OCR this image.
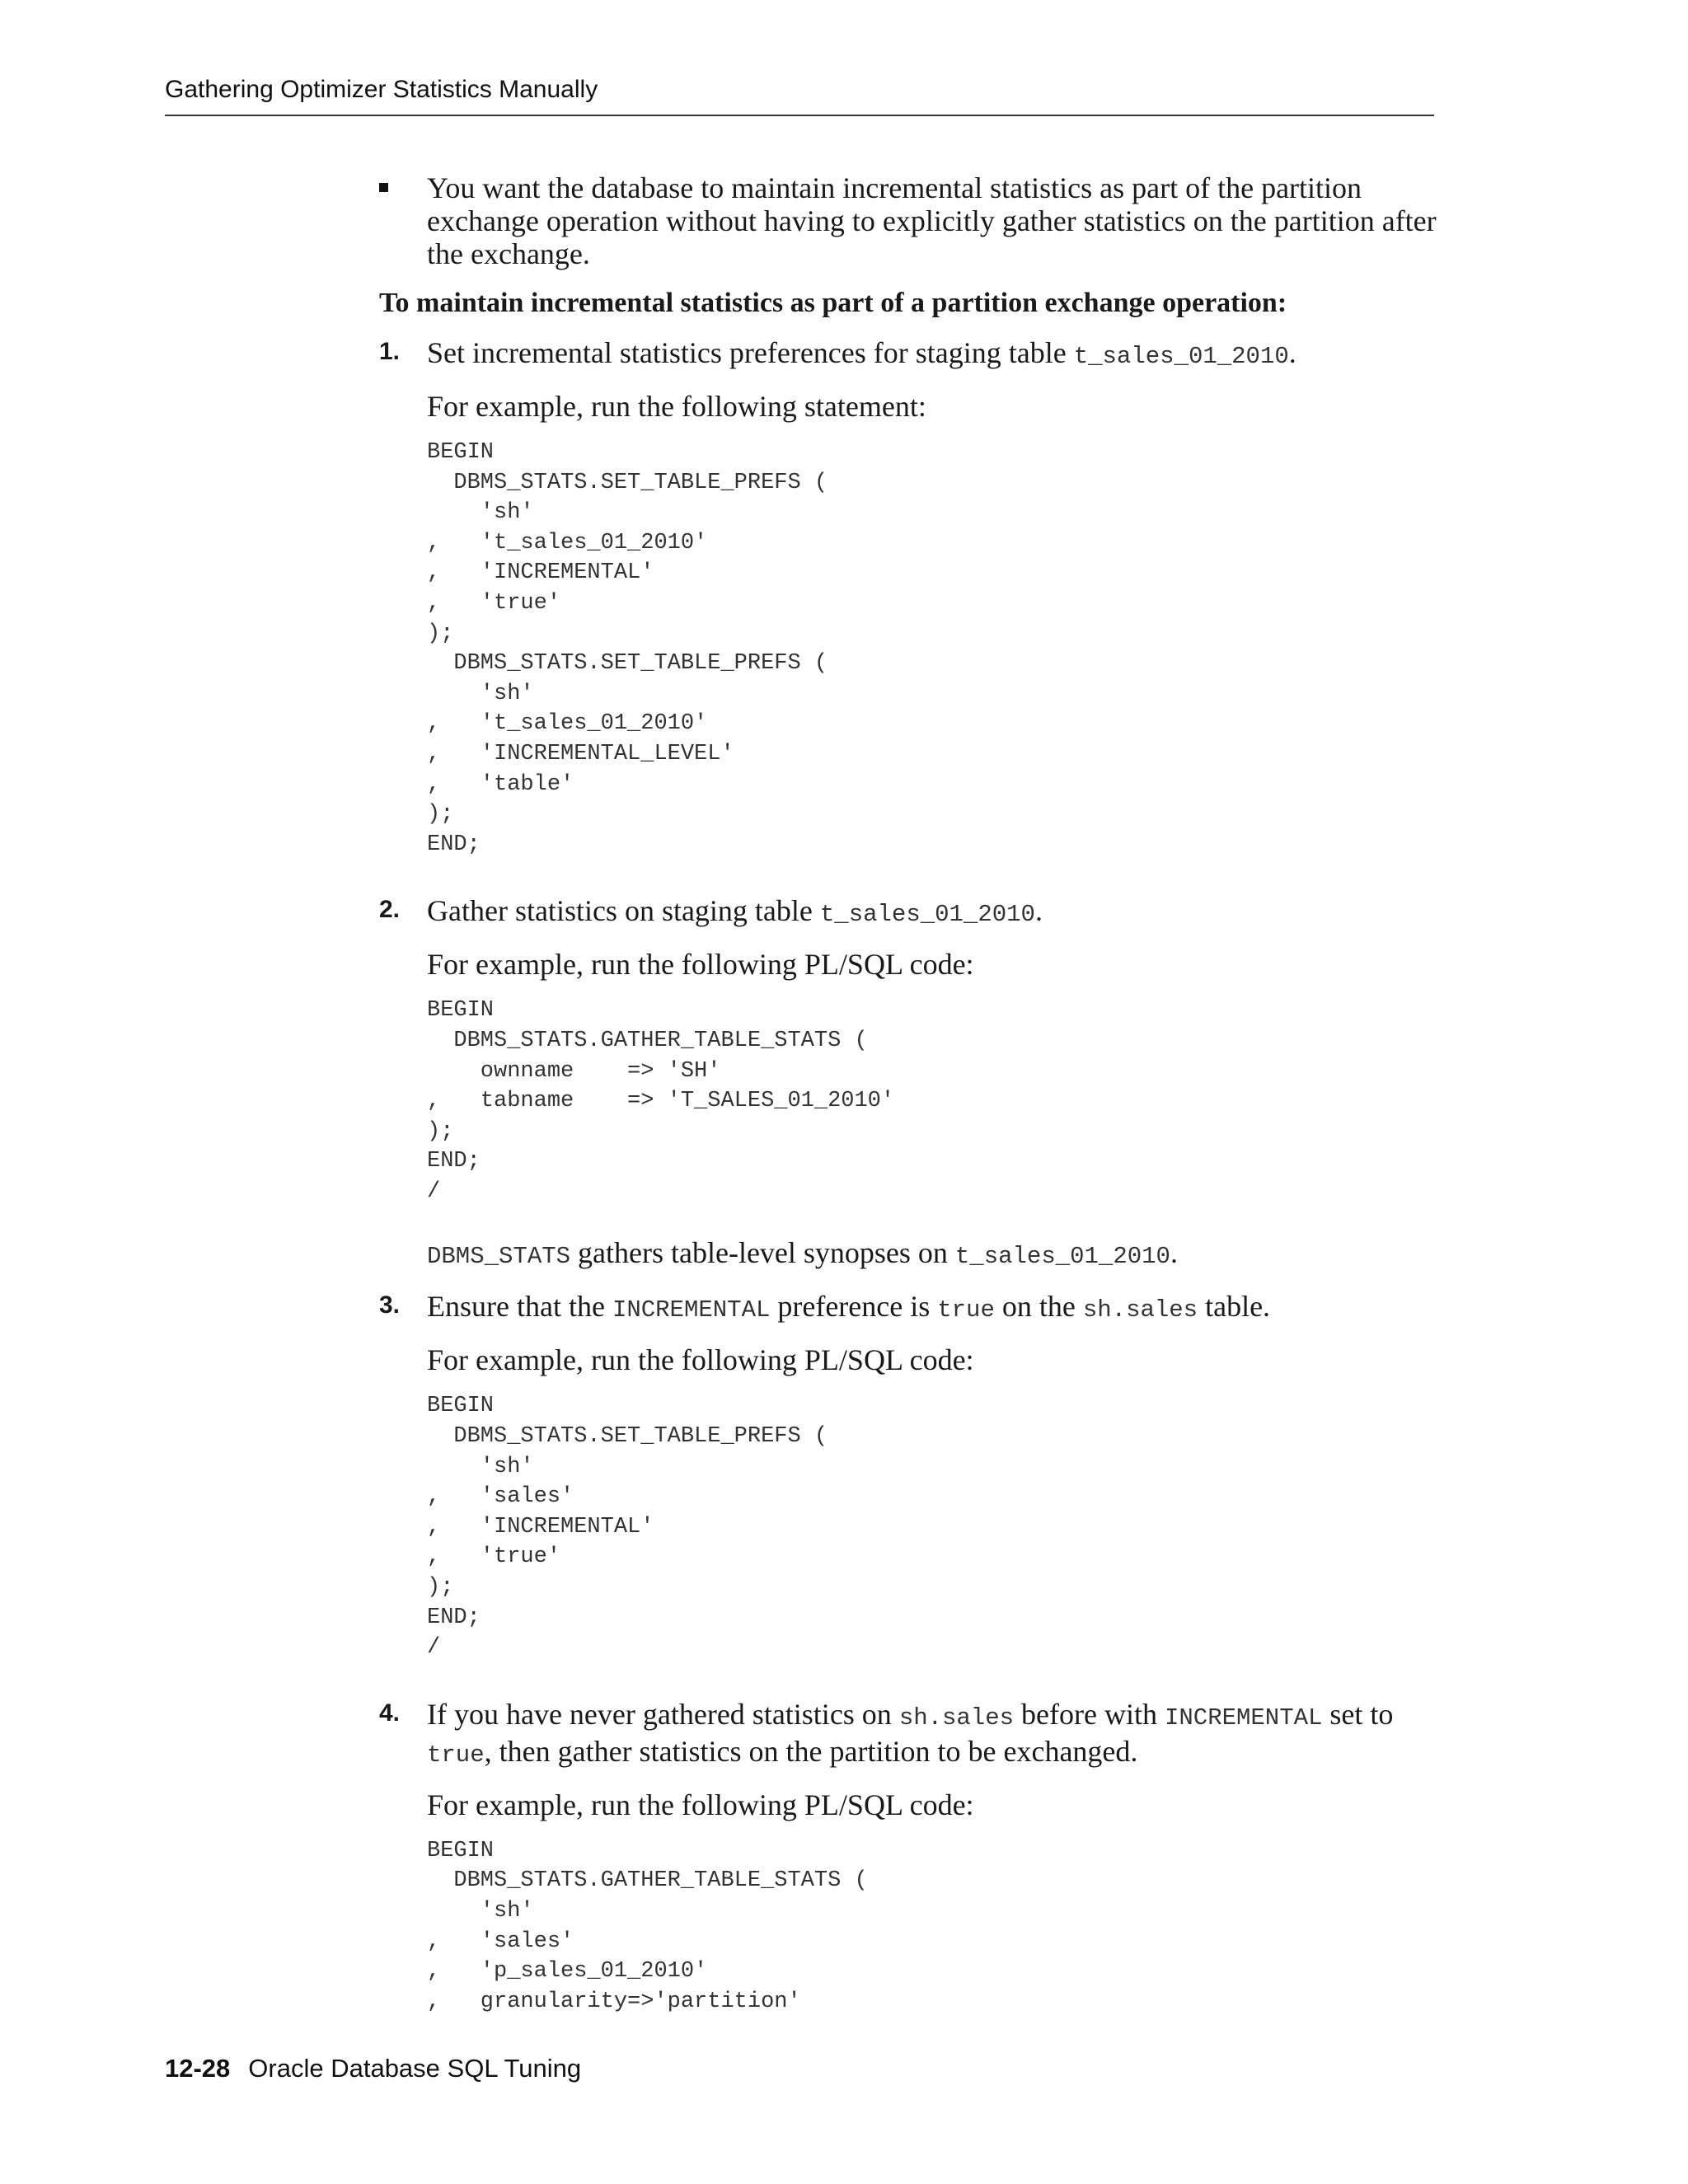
Gathering Optimizer Statistics Manually

You want the database to maintain incremental statistics as part of the partition exchange operation without having to explicitly gather statistics on the partition after the exchange.

To maintain incremental statistics as part of a partition exchange operation:

1. Set incremental statistics preferences for staging table t_sales_01_2010.

For example, run the following statement:

BEGIN
DBMS_STATS.SET_TABLE_PREFS (
'sh'
,   't_sales_01_2010'
,   'INCREMENTAL'
,   'true'
);
DBMS_STATS.SET_TABLE_PREFS (
'sh'
,   't_sales_01_2010'
,   'INCREMENTAL_LEVEL'
,   'table'
);
END;
2. Gather statistics on staging table t_sales_01_2010.

For example, run the following PL/SQL code:

BEGIN
DBMS_STATS.GATHER_TABLE_STATS (
ownname    => 'SH'
,   tabname    => 'T_SALES_01_2010'
);
END;
/

DBMS_STATS gathers table-level synopses on t_sales_01_2010.

3. Ensure that the INCREMENTAL preference is true on the sh.sales table.

For example, run the following PL/SQL code:

BEGIN
DBMS_STATS.SET_TABLE_PREFS (
'sh'
,   'sales'
,   'INCREMENTAL'
,   'true'
);
END;
/
4. If you have never gathered statistics on sh.sales before with INCREMENTAL set to true, then gather statistics on the partition to be exchanged.

For example, run the following PL/SQL code:

BEGIN
DBMS_STATS.GATHER_TABLE_STATS (
'sh'
,   'sales'
,   'p_sales_01_2010'
,   granularity=>'partition'
12-28 Oracle Database SQL Tuning
